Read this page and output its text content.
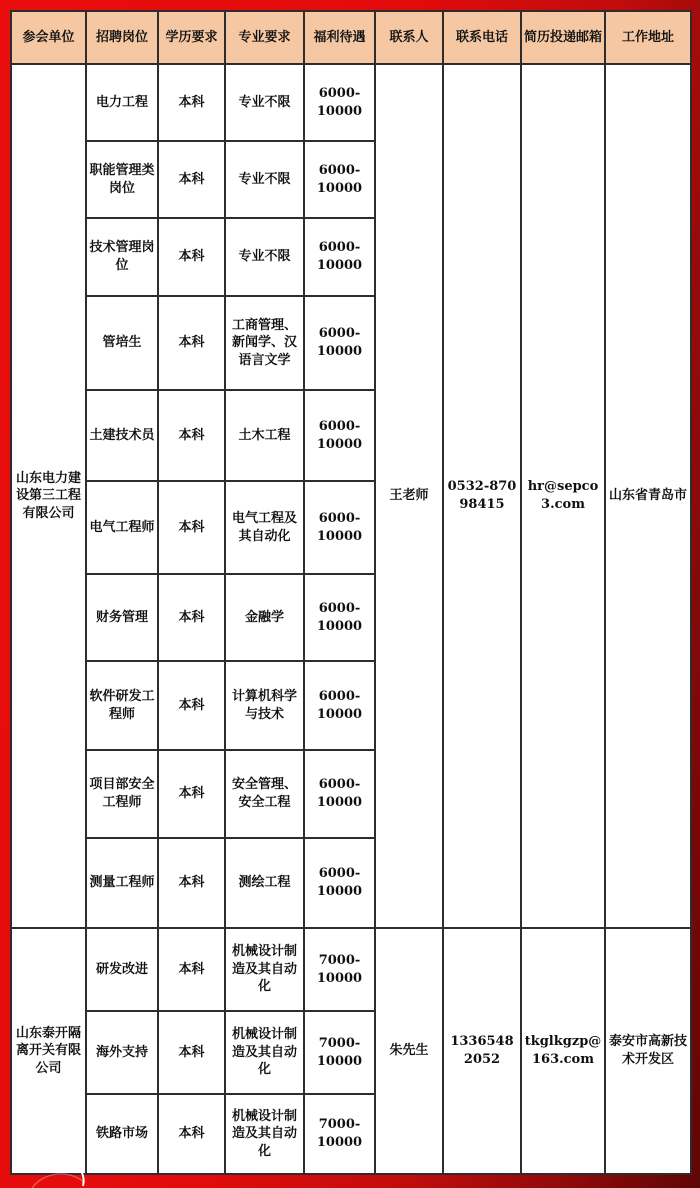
参会单位	招聘岗位	学历要求	专业要求	福利待遇	联系人	联系电话	简历投递邮箱	工作地址
山东电力建设第三工程有限公司	电力工程	本科	专业不限	6000-10000	王老师	0532-87098415	hr@sepco3.com	山东省青岛市
	职能管理类岗位	本科	专业不限	6000-10000				
	技术管理岗位	本科	专业不限	6000-10000				
	管培生	本科	工商管理、新闻学、汉语言文学	6000-10000				
	土建技术员	本科	土木工程	6000-10000				
	电气工程师	本科	电气工程及其自动化	6000-10000				
	财务管理	本科	金融学	6000-10000				
	软件研发工程师	本科	计算机科学与技术	6000-10000				
	项目部安全工程师	本科	安全管理、安全工程	6000-10000				
	测量工程师	本科	测绘工程	6000-10000				
山东泰开隔离开关有限公司	研发改进	本科	机械设计制造及其自动化	7000-10000	朱先生	13365482052	tkglkgzp@163.com	泰安市高新技术开发区
	海外支持	本科	机械设计制造及其自动化	7000-10000				
	铁路市场	本科	机械设计制造及其自动化	7000-10000				
